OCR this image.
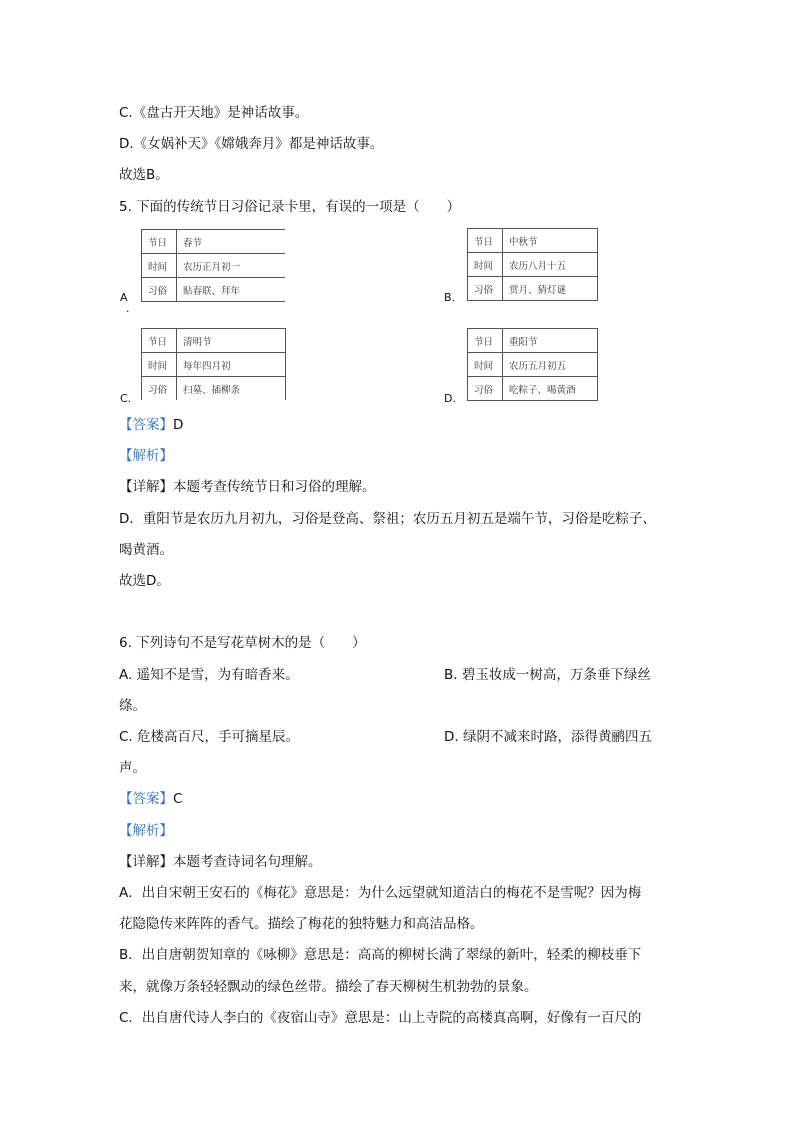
C.《盘古开天地》是神话故事。
D.《女娲补天》《嫦娥奔月》都是神话故事。
故选B。
5. 下面的传统节日习俗记录卡里，有误的一项是（　　）
节日	春节
时间	农历正月初一
习俗	贴春联、拜年
A
.
节日	中秋节
时间	农历八月十五
习俗	赏月、猜灯谜
B.
节日	清明节
时间	每年四月初
习俗	扫墓、插柳条
C.
节日	重阳节
时间	农历五月初五
习俗	吃粽子、喝黄酒
D.
【答案】D
【解析】
【详解】本题考查传统节日和习俗的理解。
D．重阳节是农历九月初九，习俗是登高、祭祖；农历五月初五是端午节，习俗是吃粽子、
喝黄酒。
故选D。
6. 下列诗句不是写花草树木的是（　　）
A. 遥知不是雪，为有暗香来。	B. 碧玉妆成一树高，万条垂下绿丝
绦。
C. 危楼高百尺，手可摘星辰。	D. 绿阴不减来时路，添得黄鹂四五
声。
【答案】C
【解析】
【详解】本题考查诗词名句理解。
A．出自宋朝王安石的《梅花》意思是：为什么远望就知道洁白的梅花不是雪呢？因为梅
花隐隐传来阵阵的香气。描绘了梅花的独特魅力和高洁品格。
B．出自唐朝贺知章的《咏柳》意思是：高高的柳树长满了翠绿的新叶，轻柔的柳枝垂下
来，就像万条轻轻飘动的绿色丝带。描绘了春天柳树生机勃勃的景象。
C．出自唐代诗人李白的《夜宿山寺》意思是：山上寺院的高楼真高啊，好像有一百尺的
